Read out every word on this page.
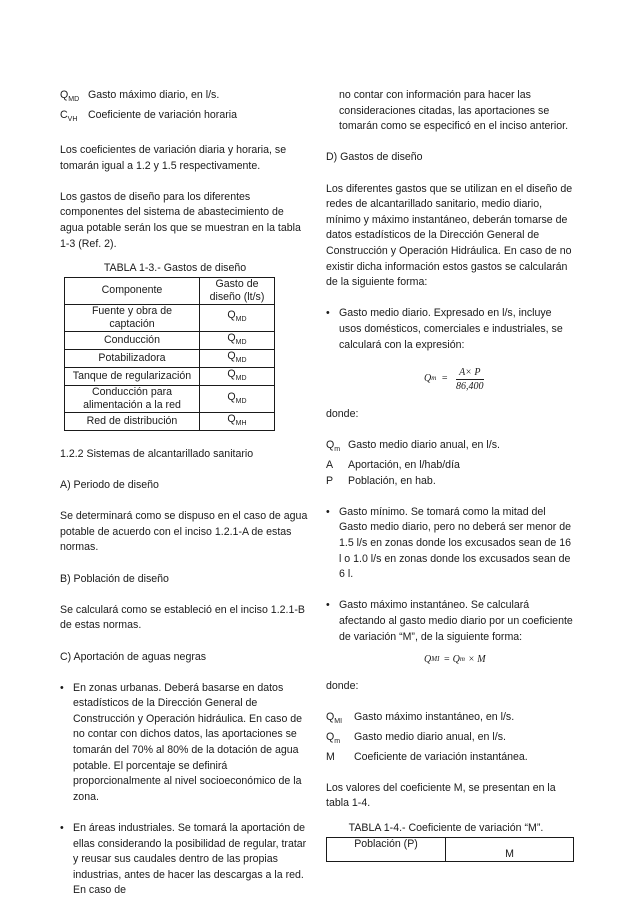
$Q_{MD}$ Gasto máximo diario, en l/s.
$C_{VH}$	Coeficiente de variación horaria

Los coeficientes de variación diaria y horaria, se tomarán igual a 1.2 y 1.5 respectivamente.

Los gastos de diseño para los diferentes componentes del sistema de abastecimiento de agua potable serán los que se muestran en la tabla 1-3 (Ref. 2).

TABLA 1-3.- Gastos de diseño
Componente	Gasto de diseño (lt/s)
Fuente y obra de captación	$Q_{MD}$
Conducción	$Q_{MD}$
Potabilizadora	$Q_{MD}$
Tanque de regularización	$Q_{MD}$
Conducción para alimentación a la red	$Q_{MD}$
Red de distribución	$Q_{MH}$

1.2.2 Sistemas de alcantarillado sanitario

A) Periodo de diseño

Se determinará como se dispuso en el caso de agua potable de acuerdo con el inciso 1.2.1-A de estas normas.

B) Población de diseño

Se calculará como se estableció en el inciso 1.2.1-B de estas normas.

C) Aportación de aguas negras

• En zonas urbanas. Deberá basarse en datos estadísticos de la Dirección General de Construcción y Operación hidráulica. En caso de no contar con dichos datos, las aportaciones se tomarán del 70% al 80% de la dotación de agua potable. El porcentaje se definirá proporcionalmente al nivel socioeconómico de la zona.
• En áreas industriales. Se tomará la aportación de ellas considerando la posibilidad de regular, tratar y reusar sus caudales dentro de las propias industrias, antes de hacer las descargas a la red. En caso de

no contar con información para hacer las consideraciones citadas, las aportaciones se tomarán como se especificó en el inciso anterior.

D) Gastos de diseño

Los diferentes gastos que se utilizan en el diseño de redes de alcantarillado sanitario, medio diario, mínimo y máximo instantáneo, deberán tomarse de datos estadísticos de la Dirección General de Construcción y Operación Hidráulica. En caso de no existir dicha información estos gastos se calcularán de la siguiente forma:

• Gasto medio diario. Expresado en l/s, incluye usos domésticos, comerciales e industriales, se calculará con la expresión:
Q $m = \frac{A\times P}{86,400}$

donde:

$Q_m$ Gasto medio diario anual, en l/s.
A	Aportación, en l/hab/día
P	Población, en hab.
• Gasto mínimo. Se tomará como la mitad del Gasto medio diario, pero no deberá ser menor de 1.5 l/s en zonas donde los excusados sean de 16 l o 1.0 l/s en zonas donde los excusados sean de 6 l.
• Gasto máximo instantáneo. Se calculará afectando al gasto medio diario por un coeficiente de variación “M”, de la siguiente forma:
Q MI = Q m × M

donde:

$Q_{MI}$	Gasto máximo instantáneo, en l/s.
$Q_m$	Gasto medio diario anual, en l/s.
M	Coeficiente de variación instantánea.

Los valores del coeficiente M, se presentan en la tabla 1-4.

TABLA 1-4.- Coeficiente de variación “M”.
Población (P)	M
